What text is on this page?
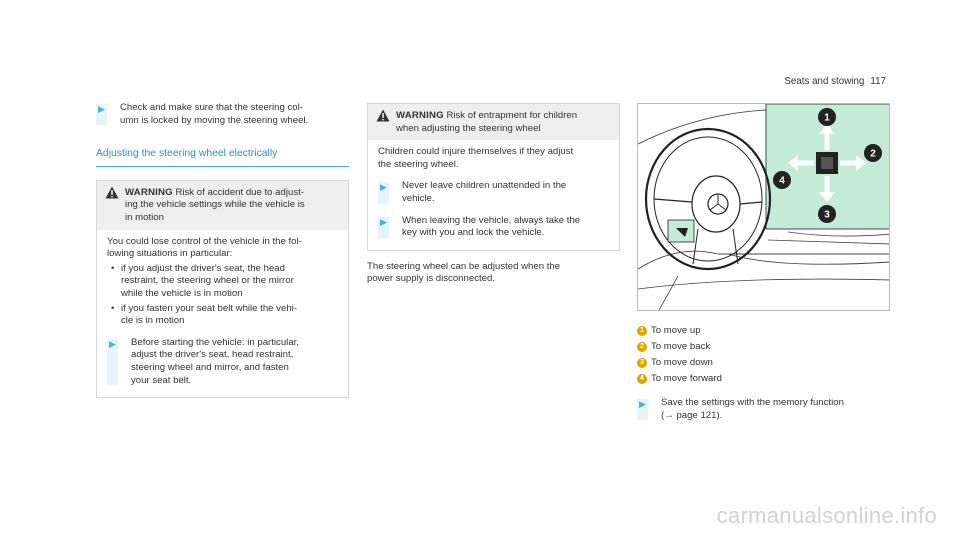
Seats and stowing 117
▶ Check and make sure that the steering col-
umn is locked by moving the steering wheel.
Adjusting the steering wheel electrically
WARNING Risk of accident due to adjust-
ing the vehicle settings while the vehicle is
in motion
You could lose control of the vehicle in the fol-
lowing situations in particular:
• if you adjust the driver's seat, the head
restraint, the steering wheel or the mirror
while the vehicle is in motion
• if you fasten your seat belt while the vehi-
cle is in motion
▶ Before starting the vehicle: in particular,
adjust the driver's seat, head restraint,
steering wheel and mirror, and fasten
your seat belt.
WARNING Risk of entrapment for children
when adjusting the steering wheel
Children could injure themselves if they adjust
the steering wheel.
▶ Never leave children unattended in the
vehicle.
▶ When leaving the vehicle, always take the
key with you and lock the vehicle.
The steering wheel can be adjusted when the
power supply is disconnected.
1
2
3
4
1 To move up
2 To move back
3 To move down
4 To move forward
▶ Save the settings with the memory function
(→ page 121).
carmanualsonline.info
